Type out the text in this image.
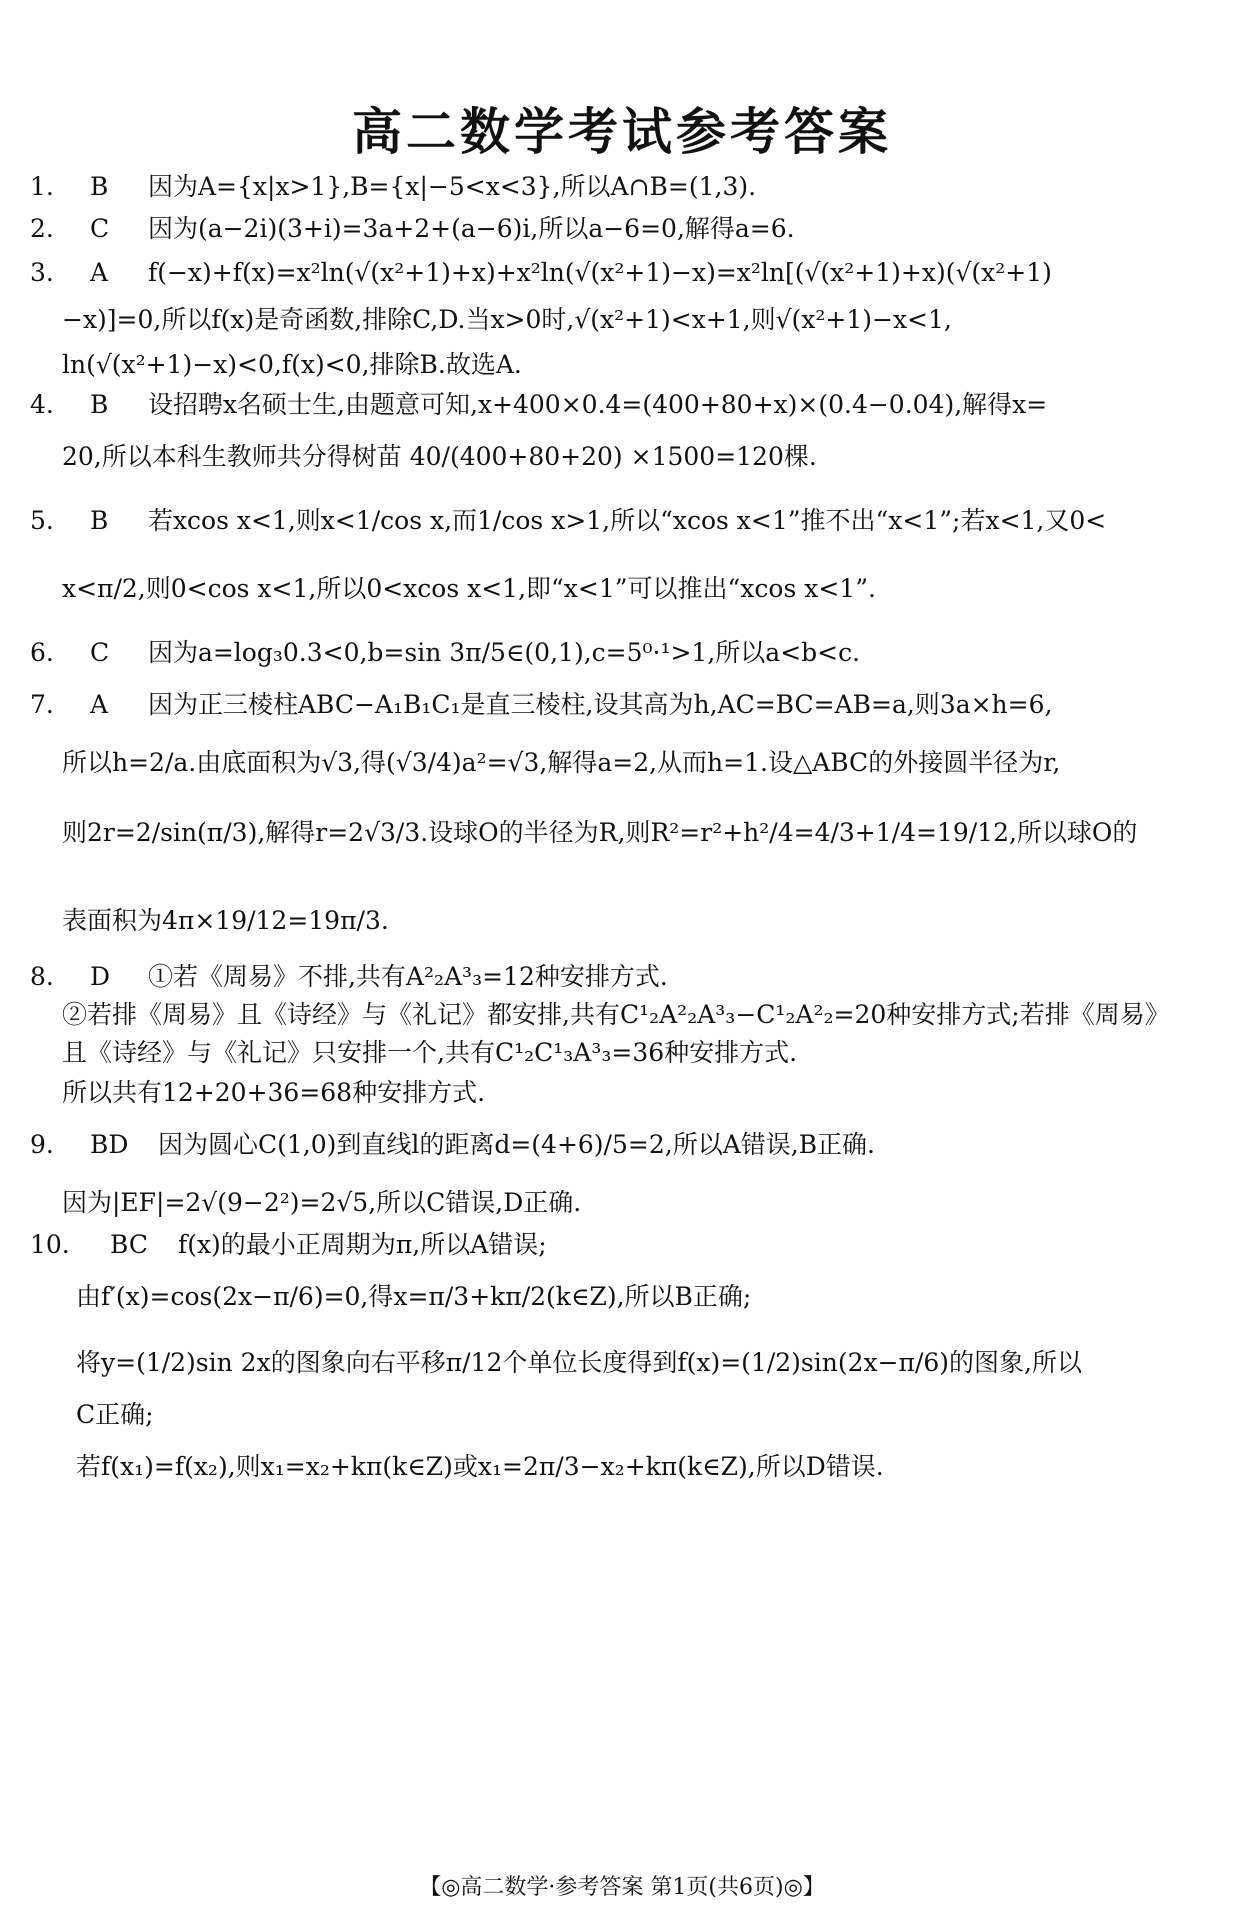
高二数学考试参考答案
1. B 因为A={x|x>1},B={x|−5<x<3},所以A∩B=(1,3).
2. C 因为(a−2i)(3+i)=3a+2+(a−6)i,所以a−6=0,解得a=6.
3. A f(−x)+f(x)=x²ln(√(x²+1)+x)+x²ln(√(x²+1)−x)=x²ln[(√(x²+1)+x)(√(x²+1)
−x)]=0,所以f(x)是奇函数,排除C,D.当x>0时,√(x²+1)<x+1,则√(x²+1)−x<1,
ln(√(x²+1)−x)<0,f(x)<0,排除B.故选A.
4. B 设招聘x名硕士生,由题意可知,x+400×0.4=(400+80+x)×(0.4−0.04),解得x=
20,所以本科生教师共分得树苗 40/(400+80+20) ×1500=120棵.
5. B 若xcos x<1,则x<1/cos x,而1/cos x>1,所以“xcos x<1”推不出“x<1”;若x<1,又0<
x<π/2,则0<cos x<1,所以0<xcos x<1,即“x<1”可以推出“xcos x<1”.
6. C 因为a=log₃0.3<0,b=sin 3π/5∈(0,1),c=5⁰·¹>1,所以a<b<c.
7. A 因为正三棱柱ABC−A₁B₁C₁是直三棱柱,设其高为h,AC=BC=AB=a,则3a×h=6,
所以h=2/a.由底面积为√3,得(√3/4)a²=√3,解得a=2,从而h=1.设△ABC的外接圆半径为r,
则2r=2/sin(π/3),解得r=2√3/3.设球O的半径为R,则R²=r²+h²/4=4/3+1/4=19/12,所以球O的
表面积为4π×19/12=19π/3.
8. D ①若《周易》不排,共有A²₂A³₃=12种安排方式.
②若排《周易》且《诗经》与《礼记》都安排,共有C¹₂A²₂A³₃−C¹₂A²₂=20种安排方式;若排《周易》
且《诗经》与《礼记》只安排一个,共有C¹₂C¹₃A³₃=36种安排方式.
所以共有12+20+36=68种安排方式.
9. BD 因为圆心C(1,0)到直线l的距离d=(4+6)/5=2,所以A错误,B正确.
因为|EF|=2√(9−2²)=2√5,所以C错误,D正确.
10. BC f(x)的最小正周期为π,所以A错误;
由f′(x)=cos(2x−π/6)=0,得x=π/3+kπ/2(k∈Z),所以B正确;
将y=(1/2)sin 2x的图象向右平移π/12个单位长度得到f(x)=(1/2)sin(2x−π/6)的图象,所以
C正确;
若f(x₁)=f(x₂),则x₁=x₂+kπ(k∈Z)或x₁=2π/3−x₂+kπ(k∈Z),所以D错误.
【◎高二数学·参考答案 第1页(共6页)◎】
